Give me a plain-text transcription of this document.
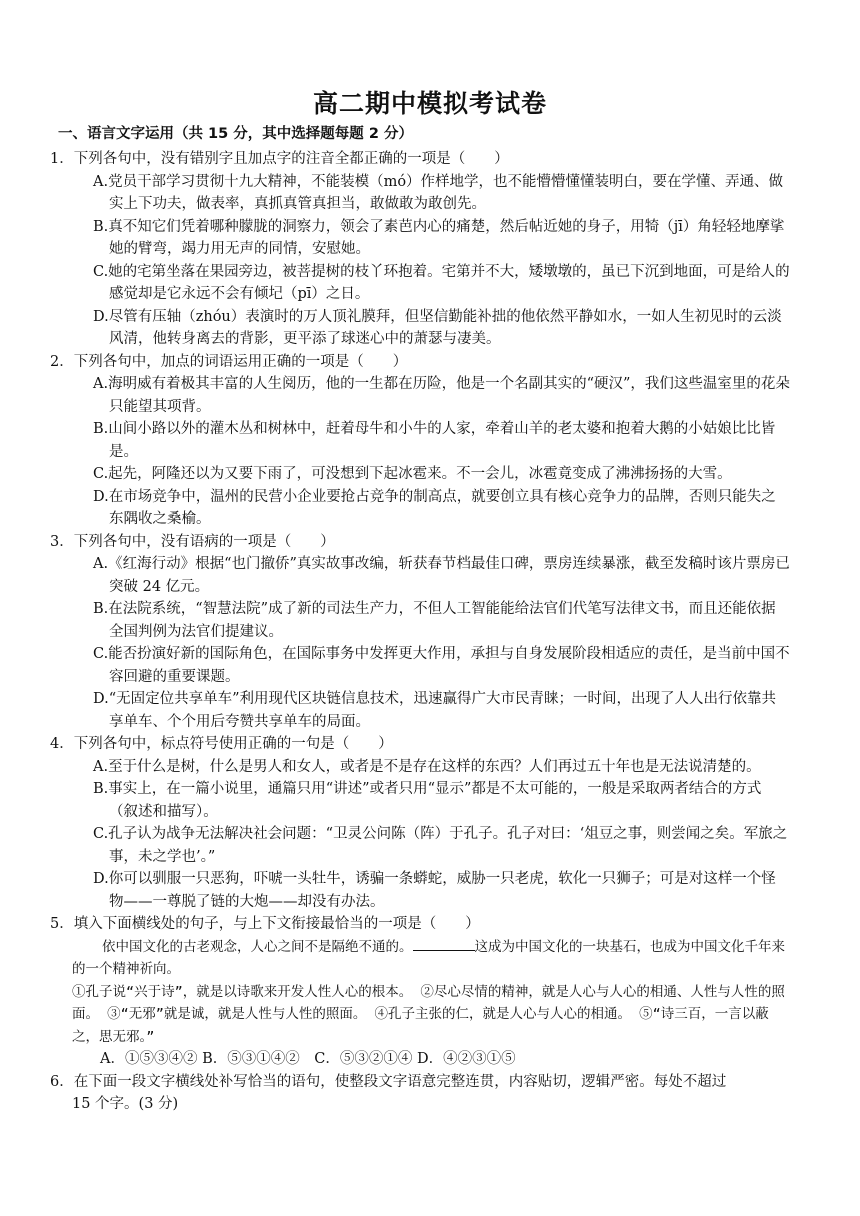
高二期中模拟考试卷
一、语言文字运用（共 15 分，其中选择题每题 2 分）

1．下列各句中，没有错别字且加点字的注音全都正确的一项是（　　）

A.党员干部学习贯彻十九大精神，不能装模（mó）作样地学，也不能懵懵懂懂装明白，要在学懂、弄通、做实上下功夫，做表率，真抓真管真担当，敢做敢为敢创先。

B.真不知它们凭着哪种朦胧的洞察力，领会了素芭内心的痛楚，然后帖近她的身子，用犄（jī）角轻轻地摩挲她的臂弯，竭力用无声的同情，安慰她。

C.她的宅第坐落在果园旁边，被菩提树的枝丫环抱着。宅第并不大，矮墩墩的，虽已下沉到地面，可是给人的感觉却是它永远不会有倾圮（pī）之日。

D.尽管有压轴（zhóu）表演时的万人顶礼膜拜，但坚信勤能补拙的他依然平静如水，一如人生初见时的云淡风清，他转身离去的背影，更平添了球迷心中的萧瑟与凄美。

2．下列各句中，加点的词语运用正确的一项是（　　）

A.海明威有着极其丰富的人生阅历，他的一生都在历险，他是一个名副其实的“硬汉”，我们这些温室里的花朵只能望其项背。

B.山间小路以外的灌木丛和树林中，赶着母牛和小牛的人家，牵着山羊的老太婆和抱着大鹅的小姑娘比比皆是。

C.起先，阿隆还以为又要下雨了，可没想到下起冰雹来。不一会儿，冰雹竟变成了沸沸扬扬的大雪。

D.在市场竞争中，温州的民营小企业要抢占竞争的制高点，就要创立具有核心竞争力的品牌，否则只能失之东隅收之桑榆。

3．下列各句中，没有语病的一项是（　　）

A.《红海行动》根据“也门撤侨”真实故事改编，斩获春节档最佳口碑，票房连续暴涨，截至发稿时该片票房已突破 24 亿元。

B.在法院系统，“智慧法院”成了新的司法生产力，不但人工智能能给法官们代笔写法律文书，而且还能依据全国判例为法官们提建议。

C.能否扮演好新的国际角色，在国际事务中发挥更大作用，承担与自身发展阶段相适应的责任，是当前中国不容回避的重要课题。

D.“无固定位共享单车”利用现代区块链信息技术，迅速赢得广大市民青睐；一时间，出现了人人出行依靠共享单车、个个用后夸赞共享单车的局面。

4．下列各句中，标点符号使用正确的一句是（　　）

A.至于什么是树，什么是男人和女人，或者是不是存在这样的东西？人们再过五十年也是无法说清楚的。

B.事实上，在一篇小说里，通篇只用“讲述”或者只用“显示”都是不太可能的，一般是采取两者结合的方式（叙述和描写）。

C.孔子认为战争无法解决社会问题：“卫灵公问陈（阵）于孔子。孔子对曰：‘俎豆之事，则尝闻之矣。军旅之事，未之学也’。”

D.你可以驯服一只恶狗，吓唬一头牡牛，诱骗一条蟒蛇，威胁一只老虎，软化一只狮子；可是对这样一个怪物——一尊脱了链的大炮——却没有办法。

5．填入下面横线处的句子，与上下文衔接最恰当的一项是（　　）

依中国文化的古老观念，人心之间不是隔绝不通的。	这成为中国文化的一块基石，也成为中国文化千年来的一个精神祈向。

①孔子说“兴于诗”，就是以诗歌来开发人性人心的根本。 ②尽心尽情的精神，就是人心与人心的相通、人性与人性的照面。 ③“无邪”就是诚，就是人性与人性的照面。 ④孔子主张的仁，就是人心与人心的相通。 ⑤“诗三百，一言以蔽之，思无邪。”

A．①⑤③④② B．⑤③①④②　C．⑤③②①④ D．④②③①⑤

6．在下面一段文字横线处补写恰当的语句，使整段文字语意完整连贯，内容贴切，逻辑严密。每处不超过

15 个字。(3 分)
